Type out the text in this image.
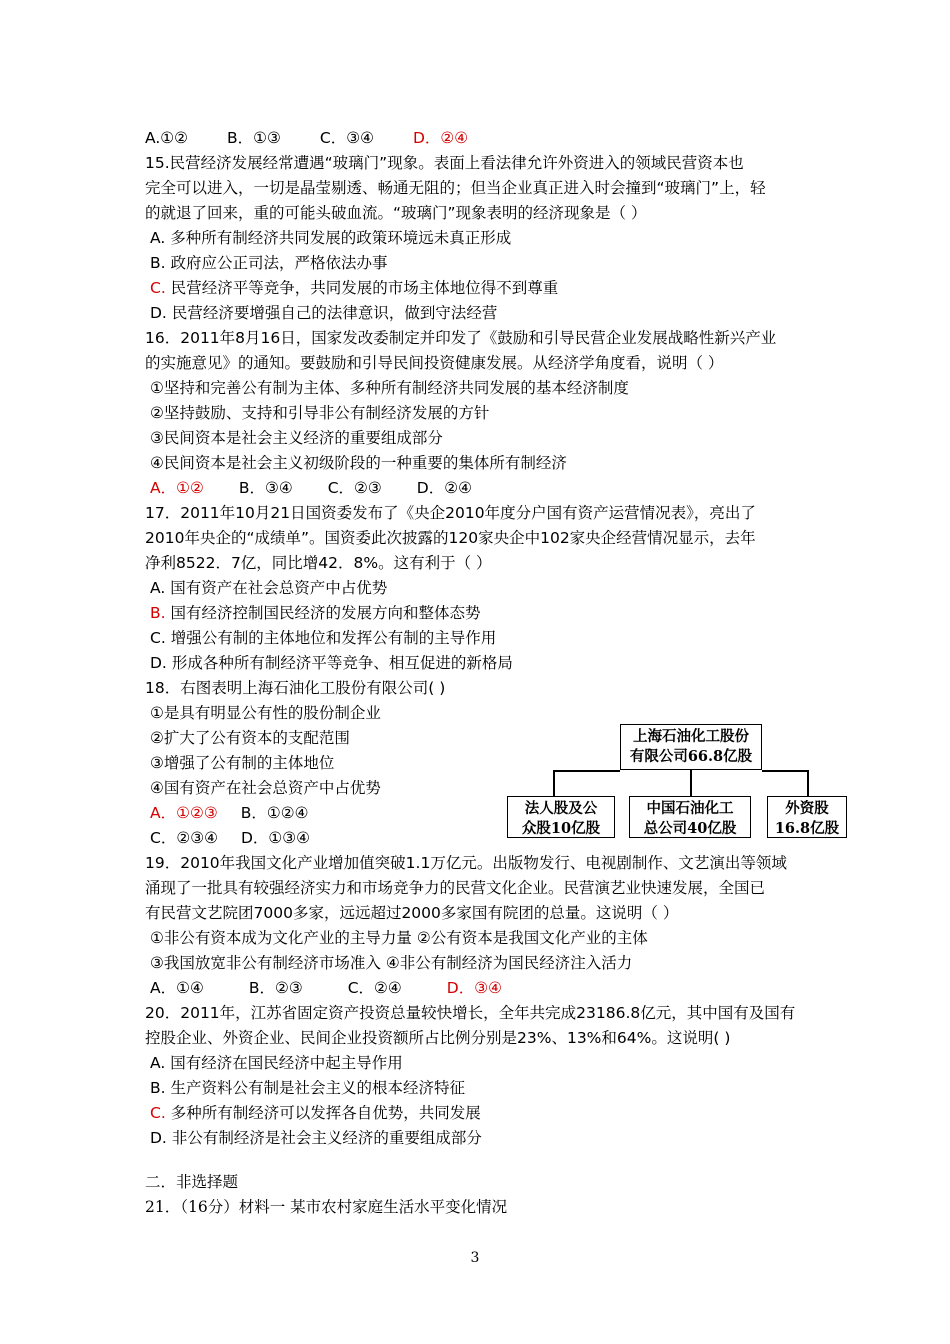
A.①②	B．①③	C．③④	D．②④
15.民营经济发展经常遭遇“玻璃门”现象。表面上看法律允许外资进入的领域民营资本也
完全可以进入，一切是晶莹剔透、畅通无阻的；但当企业真正进入时会撞到“玻璃门”上，轻
的就退了回来，重的可能头破血流。“玻璃门”现象表明的经济现象是（ ）
A. 多种所有制经济共同发展的政策环境远未真正形成
B. 政府应公正司法，严格依法办事
C. 民营经济平等竞争，共同发展的市场主体地位得不到尊重
D. 民营经济要增强自己的法律意识，做到守法经营
16．2011年8月16日，国家发改委制定并印发了《鼓励和引导民营企业发展战略性新兴产业
的实施意见》的通知。要鼓励和引导民间投资健康发展。从经济学角度看，说明（ ）
①坚持和完善公有制为主体、多种所有制经济共同发展的基本经济制度
②坚持鼓励、支持和引导非公有制经济发展的方针
③民间资本是社会主义经济的重要组成部分
④民间资本是社会主义初级阶段的一种重要的集体所有制经济
A．①② B．③④ C．②③ D．②④
17．2011年10月21日国资委发布了《央企2010年度分户国有资产运营情况表》，亮出了
2010年央企的“成绩单”。国资委此次披露的120家央企中102家央企经营情况显示，去年
净利8522．7亿，同比增42．8%。这有利于（ ）
A. 国有资产在社会总资产中占优势
B. 国有经济控制国民经济的发展方向和整体态势
C. 增强公有制的主体地位和发挥公有制的主导作用
D. 形成各种所有制经济平等竞争、相互促进的新格局
18．右图表明上海石油化工股份有限公司( )
①是具有明显公有性的股份制企业
②扩大了公有资本的支配范围
③增强了公有制的主体地位
④国有资产在社会总资产中占优势
A．①②③ B．①②④
C．②③④ D．①③④
上海石油化工股份
有限公司66.8亿股
法人股及公
众股10亿股
中国石油化工
总公司40亿股
外资股
16.8亿股
19．2010年我国文化产业增加值突破1.1万亿元。出版物发行、电视剧制作、文艺演出等领域
涌现了一批具有较强经济实力和市场竞争力的民营文化企业。民营演艺业快速发展，全国已
有民营文艺院团7000多家，远远超过2000多家国有院团的总量。这说明（ ）
①非公有资本成为文化产业的主导力量 ②公有资本是我国文化产业的主体
③我国放宽非公有制经济市场准入 ④非公有制经济为国民经济注入活力
A．①④	B．②③	C．②④	D．③④
20．2011年，江苏省固定资产投资总量较快增长，全年共完成23186.8亿元，其中国有及国有
控股企业、外资企业、民间企业投资额所占比例分别是23%、13%和64%。这说明( )
A. 国有经济在国民经济中起主导作用
B. 生产资料公有制是社会主义的根本经济特征
C. 多种所有制经济可以发挥各自优势，共同发展
D. 非公有制经济是社会主义经济的重要组成部分
二．非选择题
21．（16分）材料一 某市农村家庭生活水平变化情况
3
